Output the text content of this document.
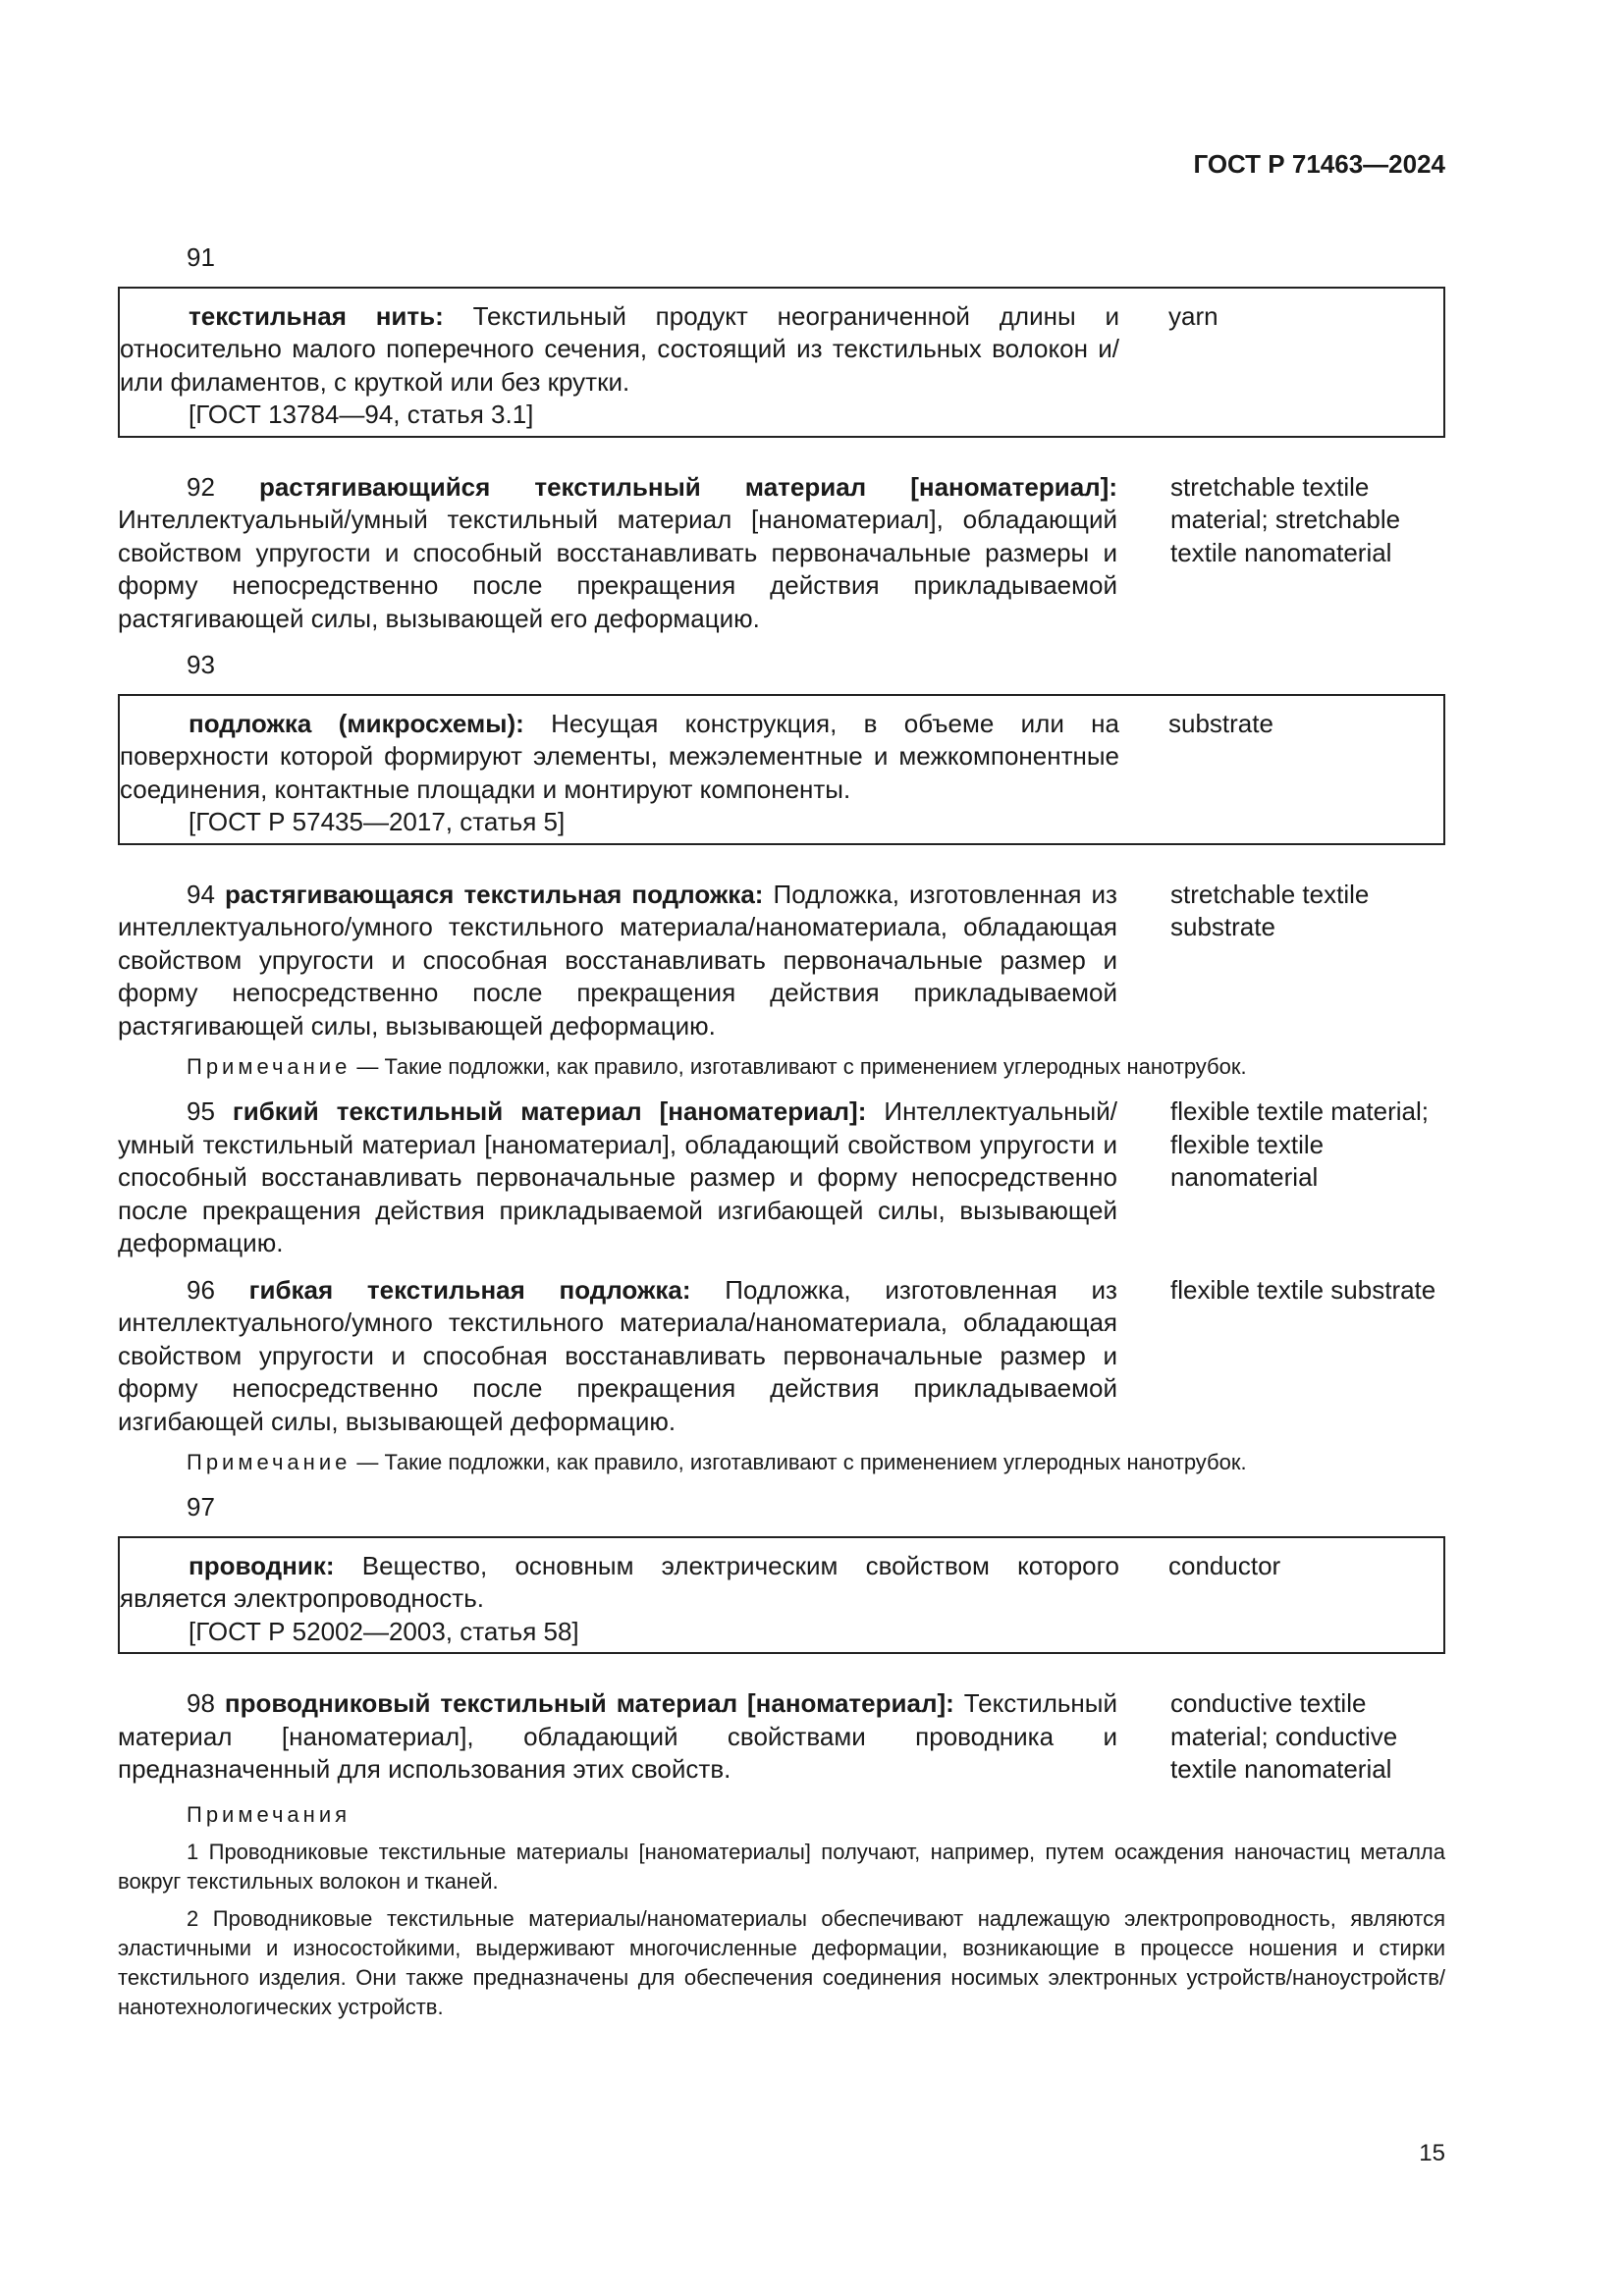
ГОСТ Р 71463—2024
91
текстильная нить: Текстильный продукт неограниченной длины и относительно малого поперечного сечения, состоящий из текстильных волокон и/или филаментов, с круткой или без крутки.
yarn
[ГОСТ 13784—94, статья 3.1]
92 растягивающийся текстильный материал [наноматериал]: Интеллектуальный/умный текстильный материал [наноматериал], обладающий свойством упругости и способный восстанавливать первоначальные размеры и форму непосредственно после прекращения действия прикладываемой растягивающей силы, вызывающей его деформацию.
stretchable textile material; stretchable textile nanomaterial
93
подложка (микросхемы): Несущая конструкция, в объеме или на поверхности которой формируют элементы, межэлементные и межкомпонентные соединения, контактные площадки и монтируют компоненты.
substrate
[ГОСТ Р 57435—2017, статья 5]
94 растягивающаяся текстильная подложка: Подложка, изготовленная из интеллектуального/умного текстильного материала/наноматериала, обладающая свойством упругости и способная восстанавливать первоначальные размер и форму непосредственно после прекращения действия прикладываемой растягивающей силы, вызывающей деформацию.
stretchable textile substrate
Примечание — Такие подложки, как правило, изготавливают с применением углеродных нанотрубок.
95 гибкий текстильный материал [наноматериал]: Интеллектуальный/умный текстильный материал [наноматериал], обладающий свойством упругости и способный восстанавливать первоначальные размер и форму непосредственно после прекращения действия прикладываемой изгибающей силы, вызывающей деформацию.
flexible textile material; flexible textile nanomaterial
96 гибкая текстильная подложка: Подложка, изготовленная из интеллектуального/умного текстильного материала/наноматериала, обладающая свойством упругости и способная восстанавливать первоначальные размер и форму непосредственно после прекращения действия прикладываемой изгибающей силы, вызывающей деформацию.
flexible textile substrate
Примечание — Такие подложки, как правило, изготавливают с применением углеродных нанотрубок.
97
проводник: Вещество, основным электрическим свойством которого является электропроводность.
conductor
[ГОСТ Р 52002—2003, статья 58]
98 проводниковый текстильный материал [наноматериал]: Текстильный материал [наноматериал], обладающий свойствами проводника и предназначенный для использования этих свойств.
conductive textile material; conductive textile nanomaterial
Примечания
1 Проводниковые текстильные материалы [наноматериалы] получают, например, путем осаждения наночастиц металла вокруг текстильных волокон и тканей.
2 Проводниковые текстильные материалы/наноматериалы обеспечивают надлежащую электропроводность, являются эластичными и износостойкими, выдерживают многочисленные деформации, возникающие в процессе ношения и стирки текстильного изделия. Они также предназначены для обеспечения соединения носимых электронных устройств/наноустройств/нанотехнологических устройств.
15
